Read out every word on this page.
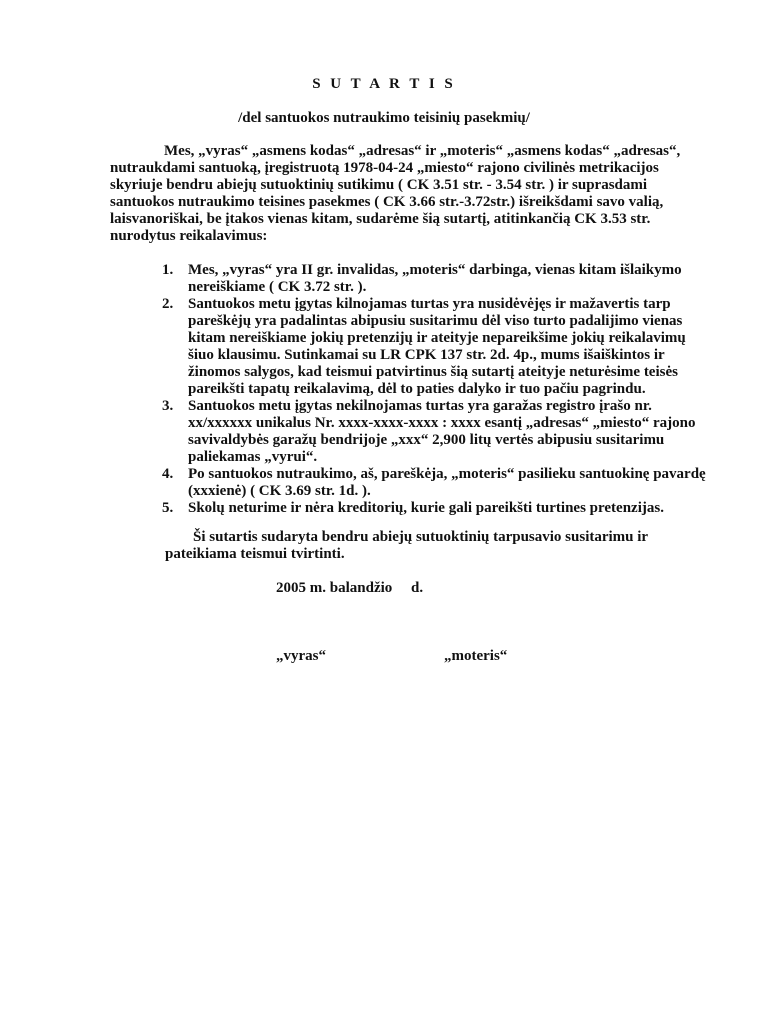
S U T A R T I S
/del santuokos nutraukimo teisinių pasekmių/
Mes, „vyras“ „asmens kodas“ „adresas“ ir „moteris“ „asmens kodas“ „adresas“,
nutraukdami santuoką, įregistruotą 1978-04-24 „miesto“ rajono civilinės metrikacijos
skyriuje bendru abiejų sutuoktinių sutikimu ( CK 3.51 str. - 3.54 str. ) ir suprasdami
santuokos nutraukimo teisines pasekmes ( CK 3.66 str.-3.72str.) išreikšdami savo valią,
laisvanoriškai, be įtakos vienas kitam, sudarėme šią sutartį, atitinkančią CK 3.53 str.
nurodytus reikalavimus:
1. Mes, „vyras“ yra II gr. invalidas, „moteris“ darbinga, vienas kitam išlaikymo
nereiškiame ( CK 3.72 str. ).
2. Santuokos metu įgytas kilnojamas turtas yra nusidėvėjęs ir mažavertis tarp
pareškėjų yra padalintas abipusiu susitarimu dėl viso turto padalijimo vienas
kitam nereiškiame jokių pretenzijų ir ateityje nepareikšime jokių reikalavimų
šiuo klausimu. Sutinkamai su LR CPK 137 str. 2d. 4p., mums išaiškintos ir
žinomos salygos, kad teismui patvirtinus šią sutartį ateityje neturėsime teisės
pareikšti tapatų reikalavimą, dėl to paties dalyko ir tuo pačiu pagrindu.
3. Santuokos metu įgytas nekilnojamas turtas yra garažas registro įrašo nr.
xx/xxxxxx unikalus Nr. xxxx-xxxx-xxxx : xxxx esantį „adresas“ „miesto“ rajono
savivaldybės garažų bendrijoje „xxx“ 2,900 litų vertės abipusiu susitarimu
paliekamas „vyrui“.
4. Po santuokos nutraukimo, aš, pareškėja, „moteris“ pasilieku santuokinę pavardę
(xxxienė) ( CK 3.69 str. 1d. ).
5. Skolų neturime ir nėra kreditorių, kurie gali pareikšti turtines pretenzijas.
Ši sutartis sudaryta bendru abiejų sutuoktinių tarpusavio susitarimu ir
pateikiama teismui tvirtinti.
2005 m. balandžio     d.
„vyras“	„moteris“
